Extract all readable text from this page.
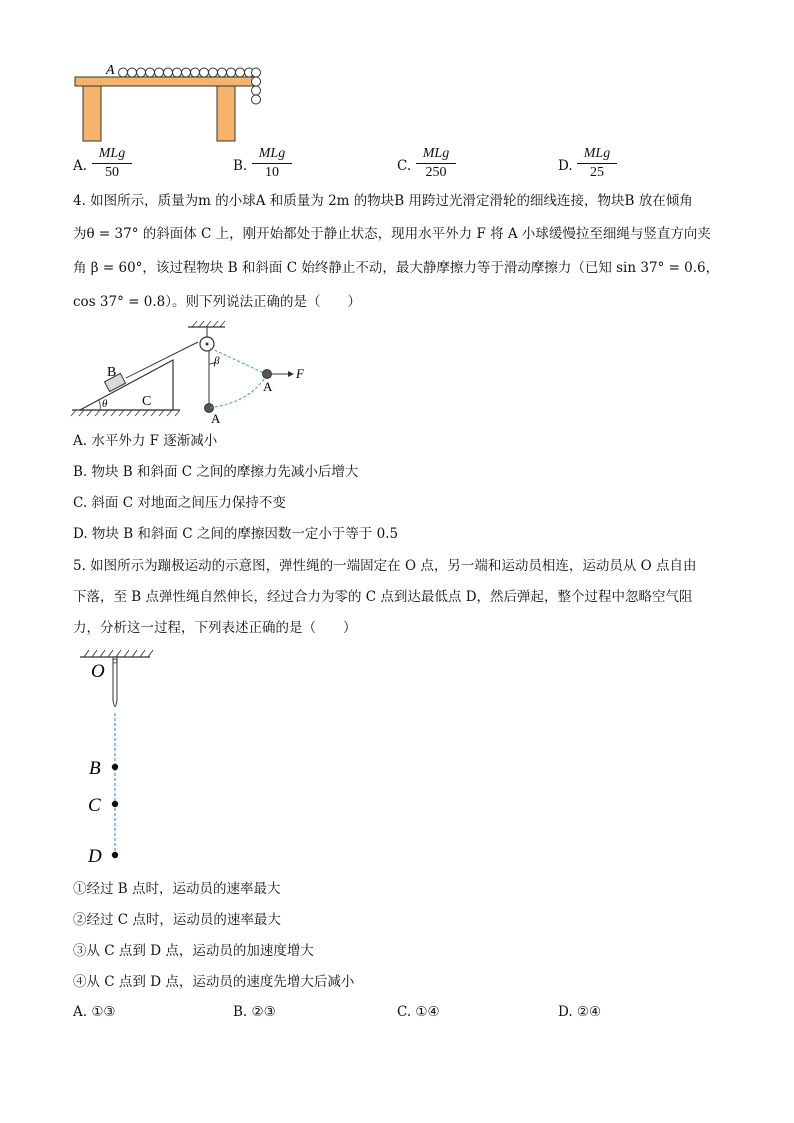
A
A.
MLg
50	B.
MLg
10	C.
MLg
250	D.
MLg
25
4. 如图所示，质量为m 的小球A 和质量为 2m 的物块B 用跨过光滑定滑轮的细线连接，物块B 放在倾角
为θ = 37° 的斜面体 C 上，刚开始都处于静止状态，现用水平外力 F 将 A 小球缓慢拉至细绳与竖直方向夹
角 β = 60°，该过程物块 B 和斜面 C 始终静止不动，最大静摩擦力等于滑动摩擦力（已知 sin 37° = 0.6，
cos 37° = 0.8）。则下列说法正确的是（　　）
θ C
B
A
β
A
F
A. 水平外力 F 逐渐减小
B. 物块 B 和斜面 C 之间的摩擦力先减小后增大
C. 斜面 C 对地面之间压力保持不变
D. 物块 B 和斜面 C 之间的摩擦因数一定小于等于 0.5
5. 如图所示为蹦极运动的示意图，弹性绳的一端固定在 O 点，另一端和运动员相连，运动员从 O 点自由
下落，至 B 点弹性绳自然伸长，经过合力为零的 C 点到达最低点 D，然后弹起，整个过程中忽略空气阻
力，分析这一过程，下列表述正确的是（　　）
O
B
C
D
①经过 B 点时，运动员的速率最大
②经过 C 点时，运动员的速率最大
③从 C 点到 D 点，运动员的加速度增大
④从 C 点到 D 点，运动员的速度先增大后减小
A. ①③	B. ②③	C. ①④	D. ②④
